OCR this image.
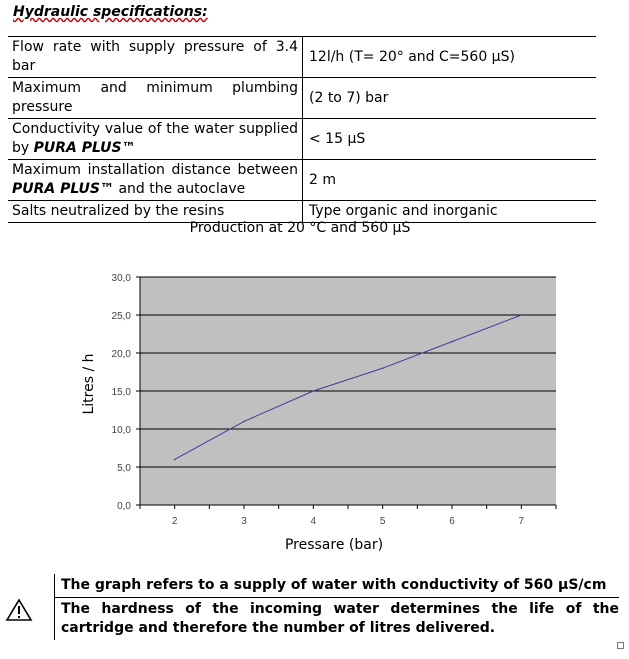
Hydraulic specifications:
Flow rate with supply pressure of 3.4 bar	12l/h (T= 20° and C=560 µS)

Maximum and minimum plumbing
pressure	(2 to 7) bar

Conductivity value of the water supplied
by PURA PLUS™	< 15 µS

Maximum installation distance between
PURA PLUS™ and the autoclave	2 m
Salts neutralized by the resins	Type organic and inorganic
Production at 20 °C and 560 µS
0,0
5,0
10,0
15,0
20,0
25,0
30,0
2	3	4	5	6	7
Pressare (bar)
Litres / h
The graph refers to a supply of water with conductivity of 560 µS/cm
The hardness of the incoming water determines the life of the cartridge and therefore the number of litres delivered.
